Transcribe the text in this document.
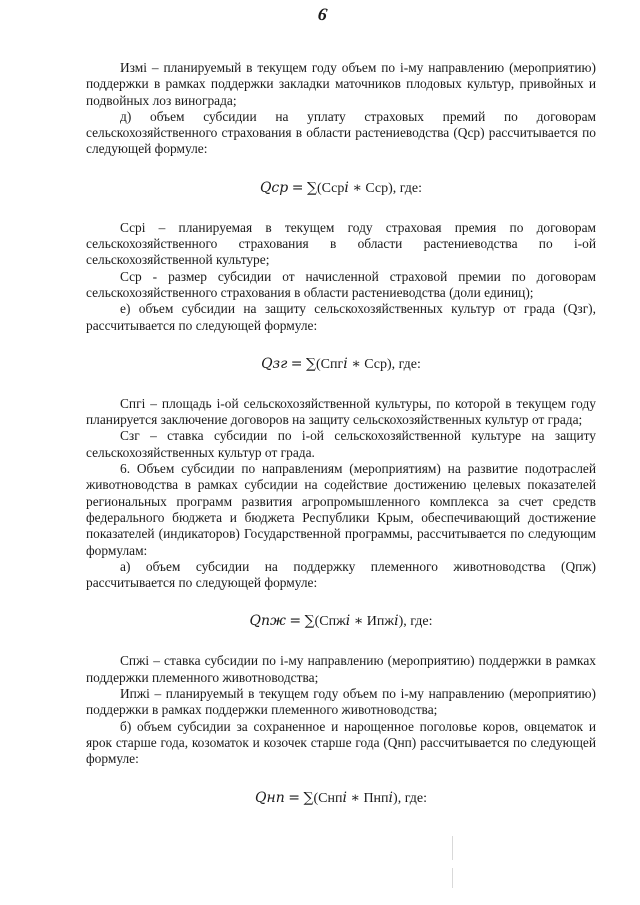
6

Измi – планируемый в текущем году объем по i-му направлению (мероприятию) поддержки в рамках поддержки закладки маточников плодовых культур, привойных и подвойных лоз винограда;

д) объем субсидии на уплату страховых премий по договорам сельскохозяйственного страхования в области растениеводства (Qср) рассчитывается по следующей формуле:

Qср = ∑(Ссрi ∗ Сср), где:

Ссрi – планируемая в текущем году страховая премия по договорам сельскохозяйственного страхования в области растениеводства по i-ой сельскохозяйственной культуре;

Сср - размер субсидии от начисленной страховой премии по договорам сельскохозяйственного страхования в области растениеводства (доли единиц);

е) объем субсидии на защиту сельскохозяйственных культур от града (Qзг), рассчитывается по следующей формуле:

Qзг = ∑(Спгi ∗ Сср), где:

Спгi – площадь i-ой сельскохозяйственной культуры, по которой в текущем году планируется заключение договоров на защиту сельскохозяйственных культур от града;

Сзг – ставка субсидии по i-ой сельскохозяйственной культуре на защиту сельскохозяйственных культур от града.

6. Объем субсидии по направлениям (мероприятиям) на развитие подотраслей животноводства в рамках субсидии на содействие достижению целевых показателей региональных программ развития агропромышленного комплекса за счет средств федерального бюджета и бюджета Республики Крым, обеспечивающий достижение показателей (индикаторов) Государственной программы, рассчитывается по следующим формулам:

а) объем субсидии на поддержку племенного животноводства (Qпж) рассчитывается по следующей формуле:

Qпж = ∑(Спжi ∗ Ипжi), где:

Спжi – ставка субсидии по i-му направлению (мероприятию) поддержки в рамках поддержки племенного животноводства;

Ипжi – планируемый в текущем году объем по i-му направлению (мероприятию) поддержки в рамках поддержки племенного животноводства;

б) объем субсидии за сохраненное и нарощенное поголовье коров, овцематок и ярок старше года, козоматок и козочек старше года (Qнп) рассчитывается по следующей формуле:

Qнп = ∑(Снпi ∗ Пнпi), где:
